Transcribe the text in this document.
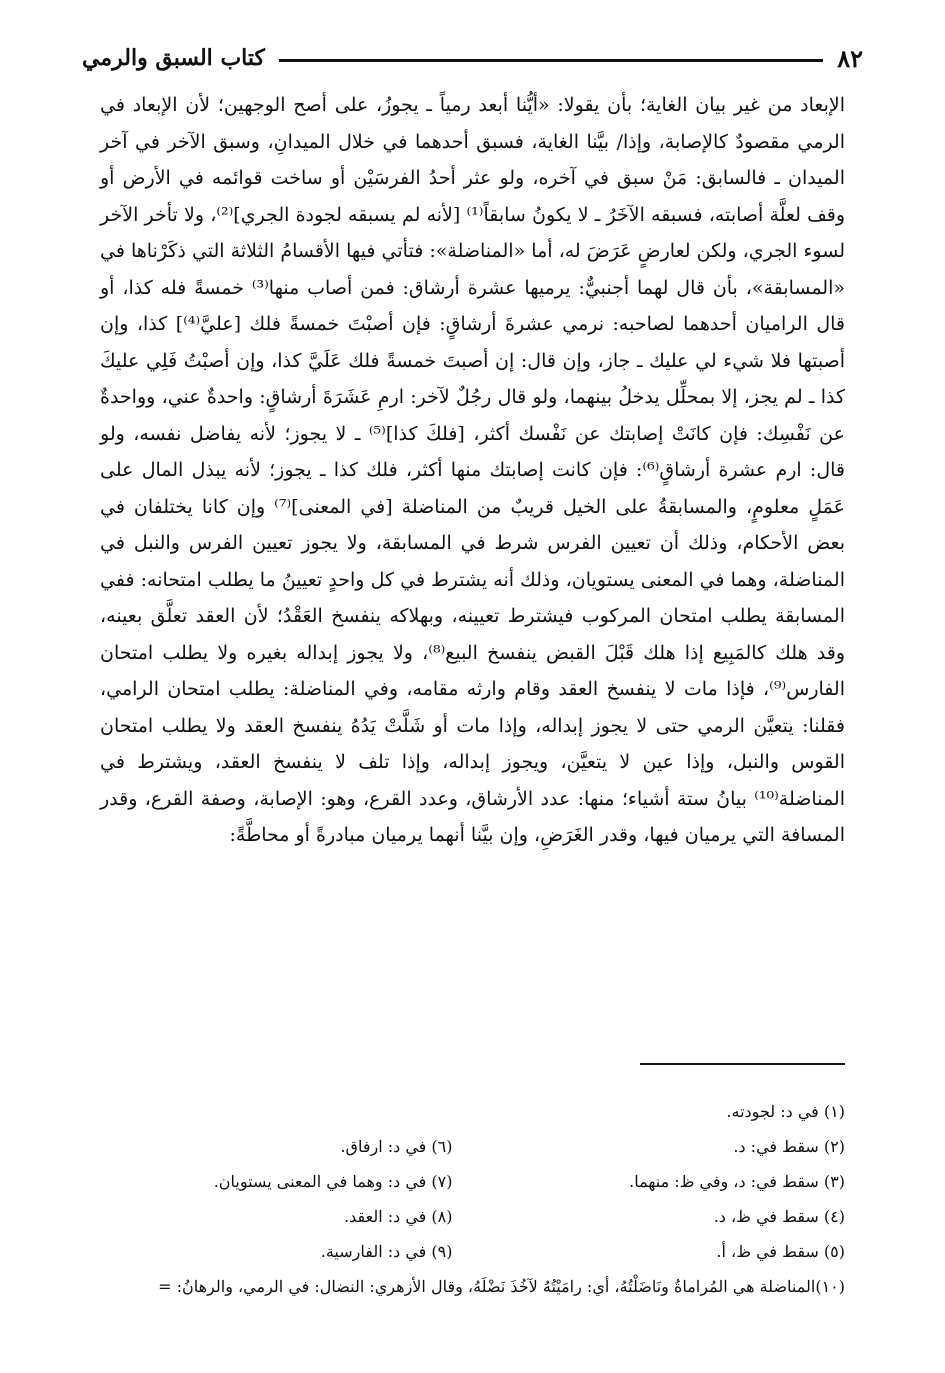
٨٢
كتاب السبق والرمي

الإبعاد من غير بيان الغاية؛ بأن يقولا: «أيُّنا أبعد رمياً ـ يجوزُ، على أصح الوجهين؛ لأن الإبعاد في الرمي مقصودٌ كالإصابة، وإذا/ بيَّنا الغاية، فسبق أحدهما في خلال الميدانِ، وسبق الآخر في آخر الميدان ـ فالسابق: مَنْ سبق في آخره، ولو عثر أحدُ الفرسَيْن أو ساخت قوائمه في الأرض أو وقف لعلَّة أصابته، فسبقه الآخَرُ ـ لا يكونُ سابقاً⁽¹⁾ [لأنه لم يسبقه لجودة الجري]⁽²⁾، ولا تأخر الآخر لسوء الجري، ولكن لعارضٍ عَرَضَ له، أما «المناضلة»: فتأتي فيها الأقسامُ الثلاثة التي ذكَرْناها في «المسابقة»، بأن قال لهما أجنبيٌّ: يرميها عشرة أرشاق: فمن أصاب منها⁽³⁾ خمسةً فله كذا، أو قال الراميان أحدهما لصاحبه: نرمي عشرةَ أرشاقٍ: فإن أصبْتَ خمسةً فلك [عليَّ⁽⁴⁾] كذا، وإن أصبتها فلا شيء لي عليك ـ جاز، وإن قال: إن أصبتَ خمسةً فلك عَلَيَّ كذا، وإن أصبْتُ فَلِي عليكَ كذا ـ لم يجز، إلا بمحلِّل يدخلُ بينهما، ولو قال رجُلٌ لآخر: ارمِ عَشَرَةَ أرشاقٍ: واحدةٌ عني، وواحدةٌ عن نَفْسِك: فإن كانَتْ إصابتك عن نَفْسك أكثر، [فلكَ كذا]⁽⁵⁾ ـ لا يجوز؛ لأنه يفاضل نفسه، ولو قال: ارم عشرة أرشاقٍ⁽⁶⁾: فإن كانت إصابتك منها أكثر، فلك كذا ـ يجوز؛ لأنه يبذل المال على عَمَلٍ معلومٍ، والمسابقةُ على الخيل قريبٌ من المناضلة [في المعنى]⁽⁷⁾ وإن كانا يختلفان في بعض الأحكام، وذلك أن تعيين الفرس شرط في المسابقة، ولا يجوز تعيين الفرس والنبل في المناضلة، وهما في المعنى يستويان، وذلك أنه يشترط في كل واحدٍ تعيينُ ما يطلب امتحانه: ففي المسابقة يطلب امتحان المركوب فيشترط تعيينه، وبهلاكه ينفسخ العَقْدُ؛ لأن العقد تعلَّق بعينه، وقد هلك كالمَبِيع إذا هلك قَبْلَ القبض ينفسخ البيع⁽⁸⁾، ولا يجوز إبداله بغيره ولا يطلب امتحان الفارس⁽⁹⁾، فإذا مات لا ينفسخ العقد وقام وارثه مقامه، وفي المناضلة: يطلب امتحان الرامي، فقلنا: يتعيَّن الرمي حتى لا يجوز إبداله، وإذا مات أو شَلَّتْ يَدُهُ ينفسخ العقد ولا يطلب امتحان القوس والنبل، وإذا عين لا يتعيَّن، ويجوز إبداله، وإذا تلف لا ينفسخ العقد، ويشترط في المناضلة⁽¹⁰⁾ بيانُ ستة أشياء؛ منها: عدد الأرشاق، وعدد القرع، وهو: الإصابة، وصفة القرع، وقدر المسافة التي يرميان فيها، وقدر الغَرَضِ، وإن بيَّنا أنهما يرميان مبادرةً أو محاطَّةً:

(١) في د: لجودته.
(٢) سقط في: د.
(٣) سقط في: د، وفي ظ: منهما.
(٤) سقط في ظ، د.
(٥) سقط في ظ، أ.
(٦) في د: ارفاق.
(٧) في د: وهما في المعنى يستويان.
(٨) في د: العقد.
(٩) في د: الفارسية.
(١٠)المناضلة هي المُراماةُ ونَاضَلْتُهُ، أي: رامَيْتُهُ لآخُذَ نَضْلَهُ، وقال الأزهري: النضال: في الرمي، والرهانُ: =
